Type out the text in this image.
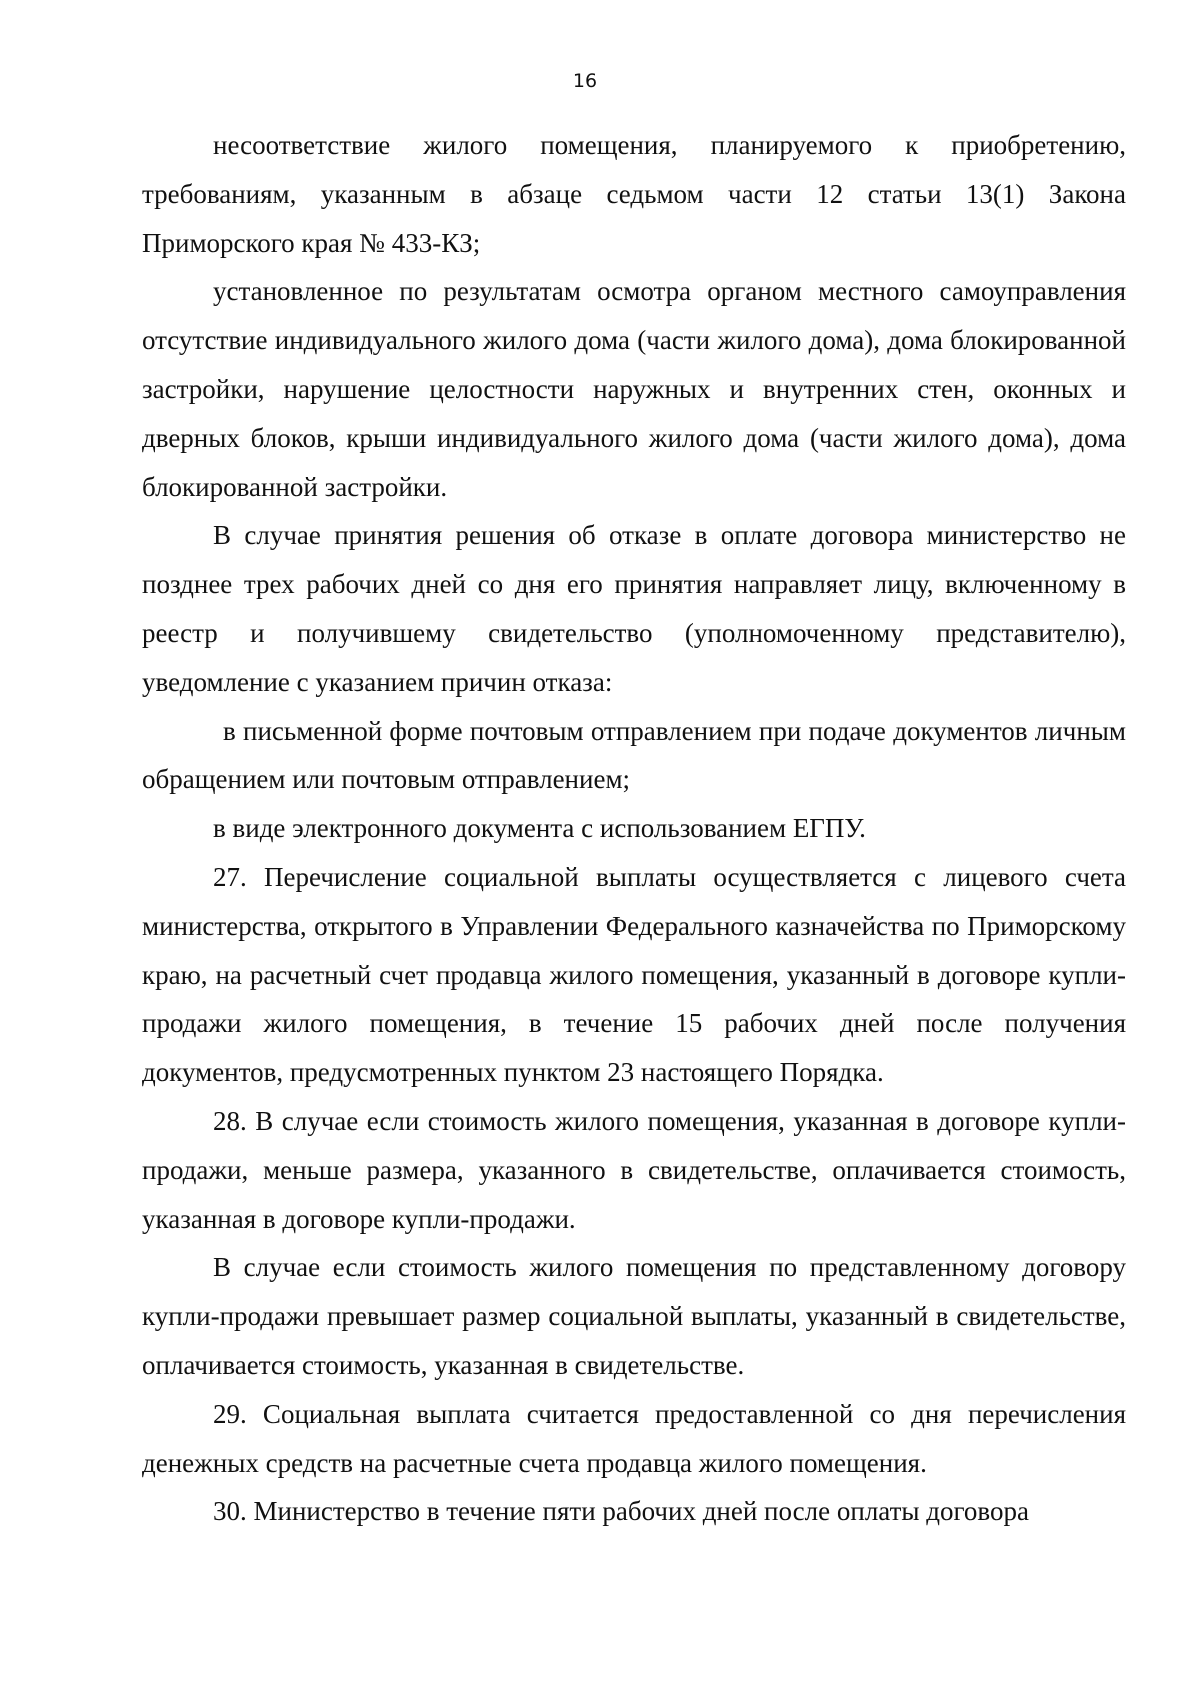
16

несоответствие жилого помещения, планируемого к приобретению, требованиям, указанным в абзаце седьмом части 12 статьи 13(1) Закона Приморского края № 433-КЗ;

установленное по результатам осмотра органом местного самоуправления отсутствие индивидуального жилого дома (части жилого дома), дома блокированной застройки, нарушение целостности наружных и внутренних стен, оконных и дверных блоков, крыши индивидуального жилого дома (части жилого дома), дома блокированной застройки.

В случае принятия решения об отказе в оплате договора министерство не позднее трех рабочих дней со дня его принятия направляет лицу, включенному в реестр и получившему свидетельство (уполномоченному представителю), уведомление с указанием причин отказа:

в письменной форме почтовым отправлением при подаче документов личным обращением или почтовым отправлением;

в виде электронного документа с использованием ЕГПУ.

27. Перечисление социальной выплаты осуществляется с лицевого счета министерства, открытого в Управлении Федерального казначейства по Приморскому краю, на расчетный счет продавца жилого помещения, указанный в договоре купли-продажи жилого помещения, в течение 15 рабочих дней после получения документов, предусмотренных пунктом 23 настоящего Порядка.

28. В случае если стоимость жилого помещения, указанная в договоре купли-продажи, меньше размера, указанного в свидетельстве, оплачивается стоимость, указанная в договоре купли-продажи.

В случае если стоимость жилого помещения по представленному договору купли-продажи превышает размер социальной выплаты, указанный в свидетельстве, оплачивается стоимость, указанная в свидетельстве.

29. Социальная выплата считается предоставленной со дня перечисления денежных средств на расчетные счета продавца жилого помещения.

30. Министерство в течение пяти рабочих дней после оплаты договора
